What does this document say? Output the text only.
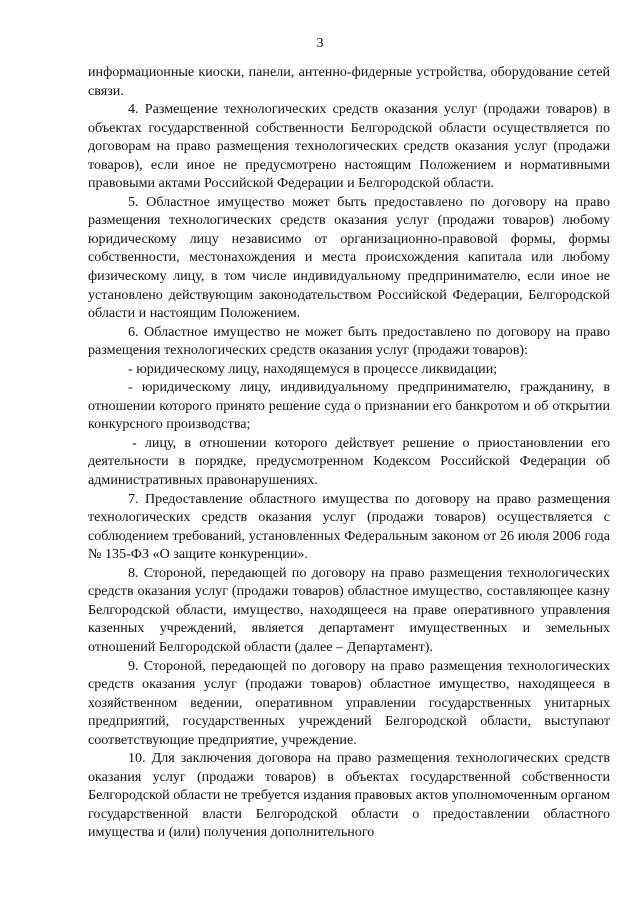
3

информационные киоски, панели, антенно-фидерные устройства, оборудование сетей связи.

4. Размещение технологических средств оказания услуг (продажи товаров) в объектах государственной собственности Белгородской области осуществляется по договорам на право размещения технологических средств оказания услуг (продажи товаров), если иное не предусмотрено настоящим Положением и нормативными правовыми актами Российской Федерации и Белгородской области.

5. Областное имущество может быть предоставлено по договору на право размещения технологических средств оказания услуг (продажи товаров) любому юридическому лицу независимо от организационно-правовой формы, формы собственности, местонахождения и места происхождения капитала или любому физическому лицу, в том числе индивидуальному предпринимателю, если иное не установлено действующим законодательством Российской Федерации, Белгородской области и настоящим Положением.

6. Областное имущество не может быть предоставлено по договору на право размещения технологических средств оказания услуг (продажи товаров):

- юридическому лицу, находящемуся в процессе ликвидации;

- юридическому лицу, индивидуальному предпринимателю, гражданину, в отношении которого принято решение суда о признании его банкротом и об открытии конкурсного производства;

- лицу, в отношении которого действует решение о приостановлении его деятельности в порядке, предусмотренном Кодексом Российской Федерации об административных правонарушениях.

7. Предоставление областного имущества по договору на право размещения технологических средств оказания услуг (продажи товаров) осуществляется с соблюдением требований, установленных Федеральным законом от 26 июля 2006 года № 135-ФЗ «О защите конкуренции».

8. Стороной, передающей по договору на право размещения технологических средств оказания услуг (продажи товаров) областное имущество, составляющее казну Белгородской области, имущество, находящееся на праве оперативного управления казенных учреждений, является департамент имущественных и земельных отношений Белгородской области (далее – Департамент).

9. Стороной, передающей по договору на право размещения технологических средств оказания услуг (продажи товаров) областное имущество, находящееся в хозяйственном ведении, оперативном управлении государственных унитарных предприятий, государственных учреждений Белгородской области, выступают соответствующие предприятие, учреждение.

10. Для заключения договора на право размещения технологических средств оказания услуг (продажи товаров) в объектах государственной собственности Белгородской области не требуется издания правовых актов уполномоченным органом государственной власти Белгородской области о предоставлении областного имущества и (или) получения дополнительного
